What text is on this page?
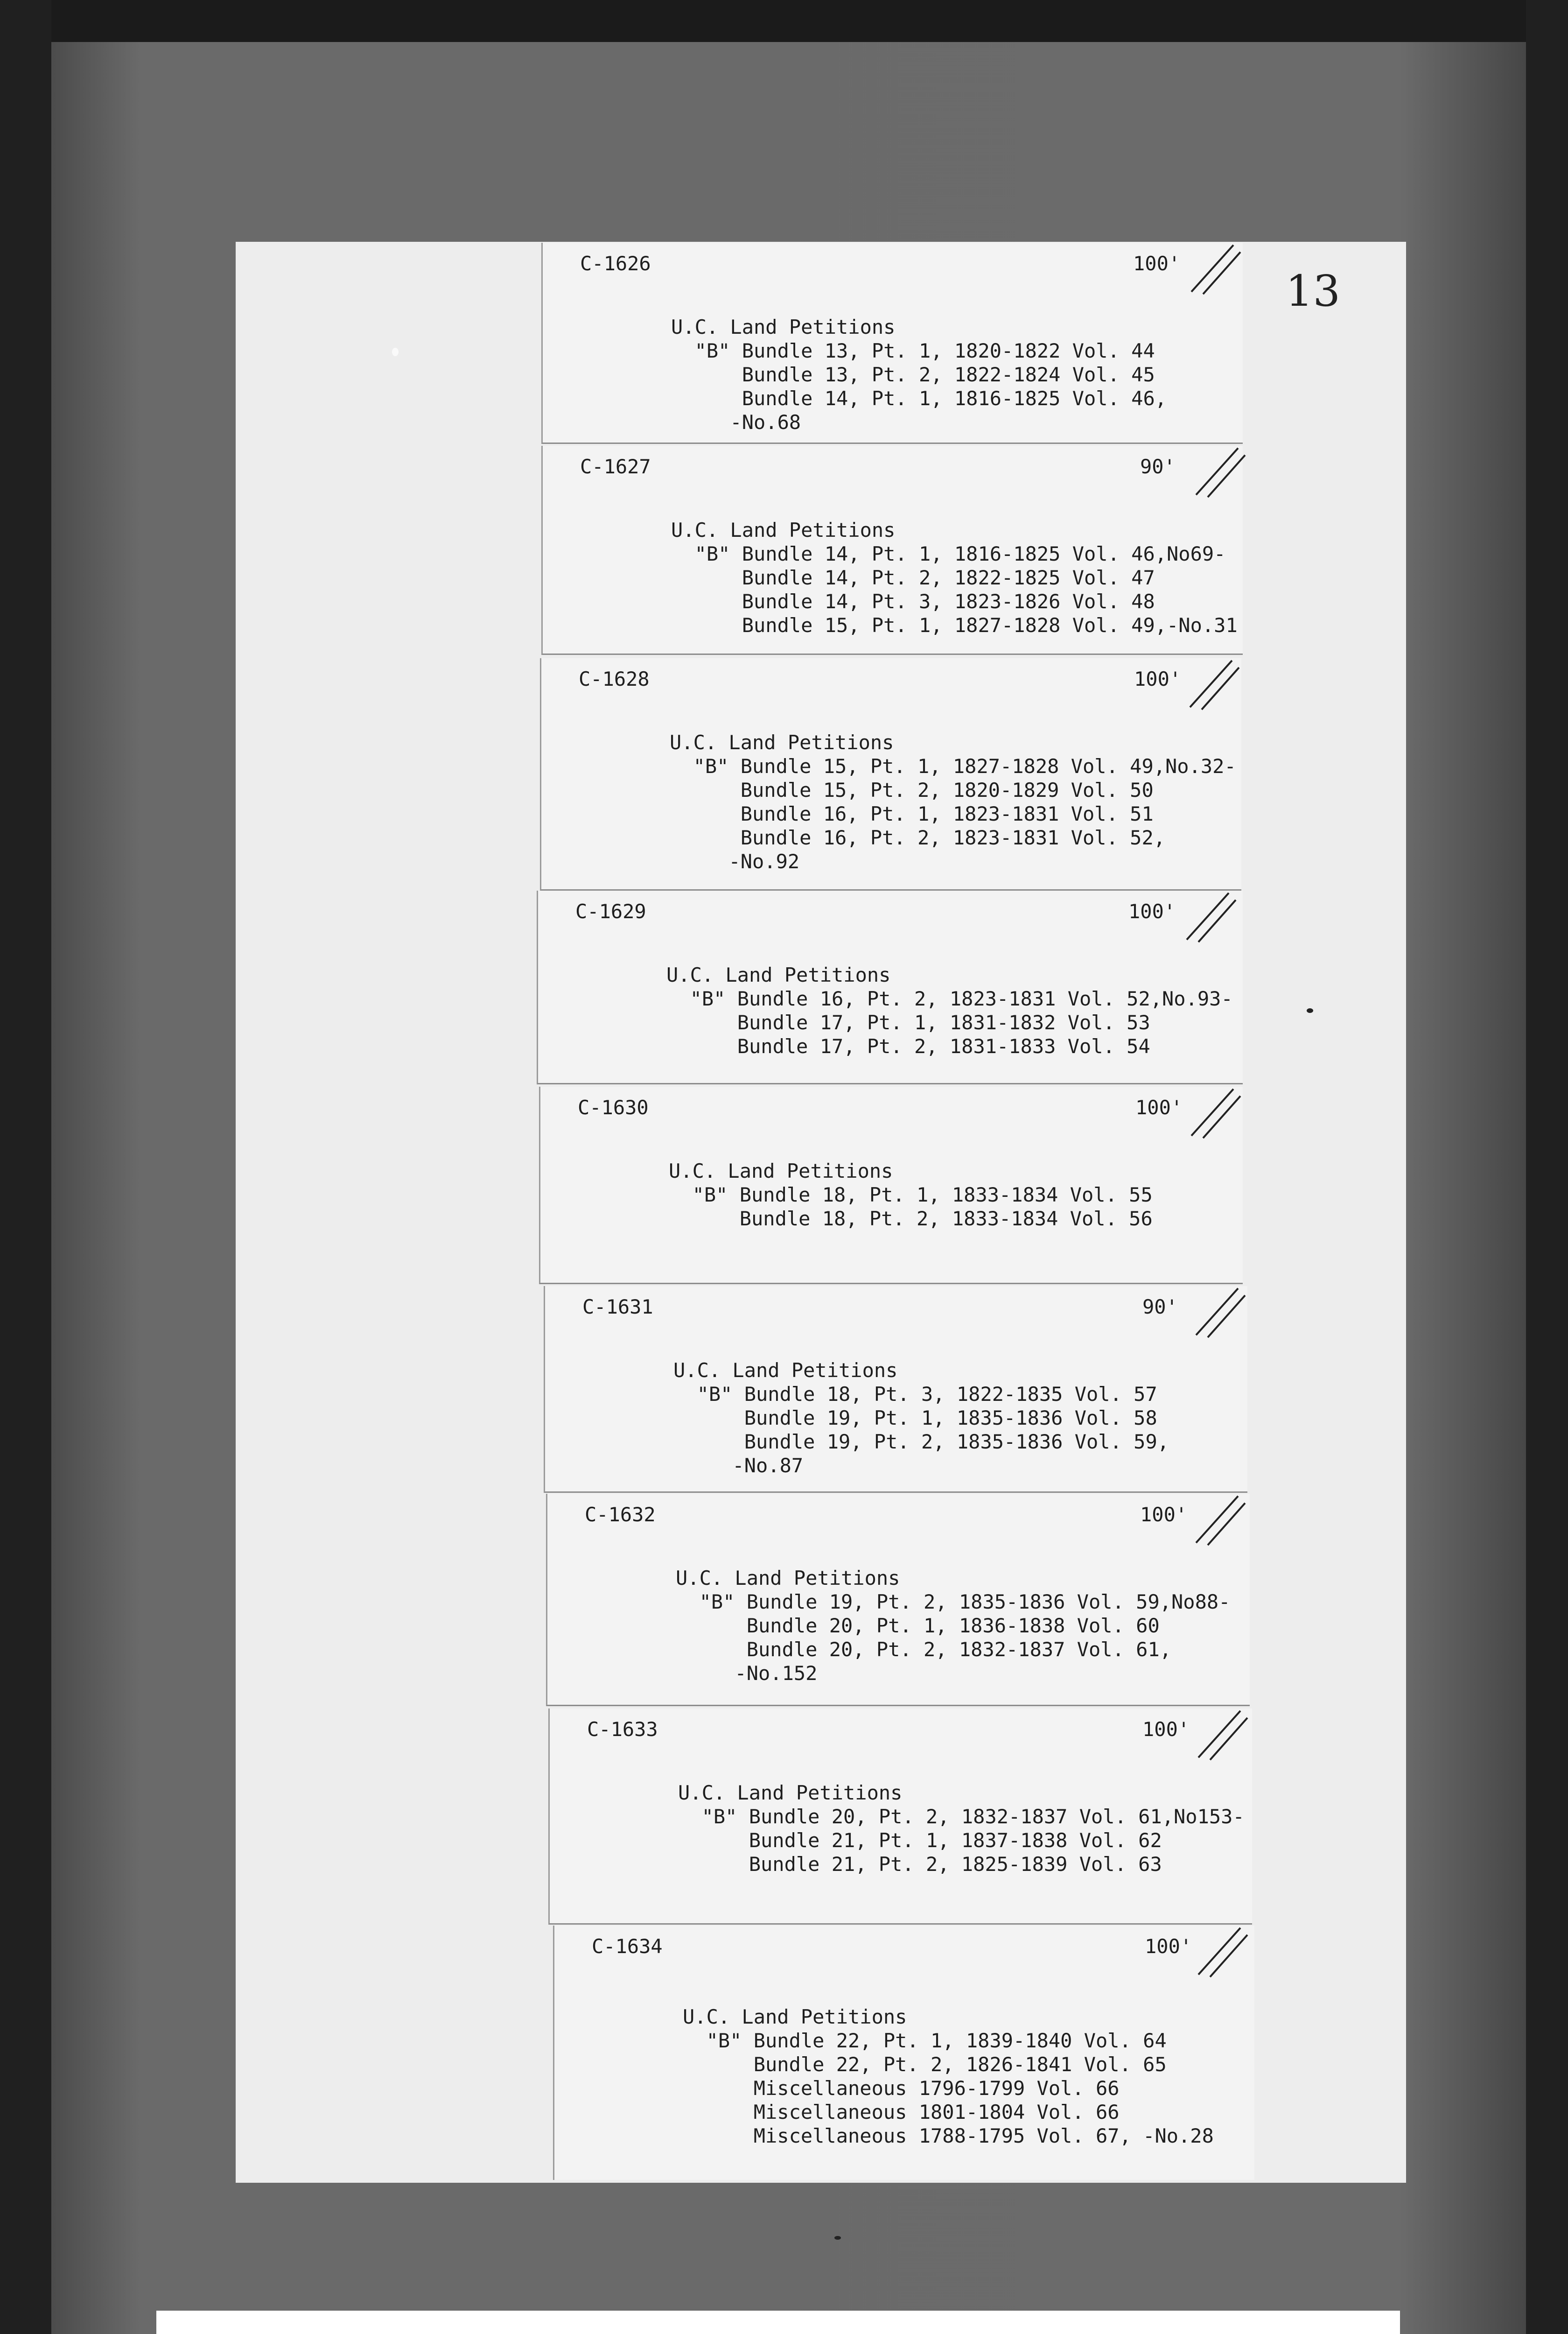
13
C-1626	100'
U.C. Land Petitions
"B" Bundle 13, Pt. 1, 1820-1822 Vol. 44
Bundle 13, Pt. 2, 1822-1824 Vol. 45
Bundle 14, Pt. 1, 1816-1825 Vol. 46,
-No.68
C-1627	90'
U.C. Land Petitions
"B" Bundle 14, Pt. 1, 1816-1825 Vol. 46,No69-
Bundle 14, Pt. 2, 1822-1825 Vol. 47
Bundle 14, Pt. 3, 1823-1826 Vol. 48
Bundle 15, Pt. 1, 1827-1828 Vol. 49,-No.31
C-1628	100'
U.C. Land Petitions
"B" Bundle 15, Pt. 1, 1827-1828 Vol. 49,No.32-
Bundle 15, Pt. 2, 1820-1829 Vol. 50
Bundle 16, Pt. 1, 1823-1831 Vol. 51
Bundle 16, Pt. 2, 1823-1831 Vol. 52,
-No.92
C-1629	100'
U.C. Land Petitions
"B" Bundle 16, Pt. 2, 1823-1831 Vol. 52,No.93-
Bundle 17, Pt. 1, 1831-1832 Vol. 53
Bundle 17, Pt. 2, 1831-1833 Vol. 54
C-1630	100'
U.C. Land Petitions
"B" Bundle 18, Pt. 1, 1833-1834 Vol. 55
Bundle 18, Pt. 2, 1833-1834 Vol. 56
C-1631	90'
U.C. Land Petitions
"B" Bundle 18, Pt. 3, 1822-1835 Vol. 57
Bundle 19, Pt. 1, 1835-1836 Vol. 58
Bundle 19, Pt. 2, 1835-1836 Vol. 59,
-No.87
C-1632	100'
U.C. Land Petitions
"B" Bundle 19, Pt. 2, 1835-1836 Vol. 59,No88-
Bundle 20, Pt. 1, 1836-1838 Vol. 60
Bundle 20, Pt. 2, 1832-1837 Vol. 61,
-No.152
C-1633	100'
U.C. Land Petitions
"B" Bundle 20, Pt. 2, 1832-1837 Vol. 61,No153-
Bundle 21, Pt. 1, 1837-1838 Vol. 62
Bundle 21, Pt. 2, 1825-1839 Vol. 63
C-1634	100'
U.C. Land Petitions
"B" Bundle 22, Pt. 1, 1839-1840 Vol. 64
Bundle 22, Pt. 2, 1826-1841 Vol. 65
Miscellaneous 1796-1799 Vol. 66
Miscellaneous 1801-1804 Vol. 66
Miscellaneous 1788-1795 Vol. 67, -No.28
